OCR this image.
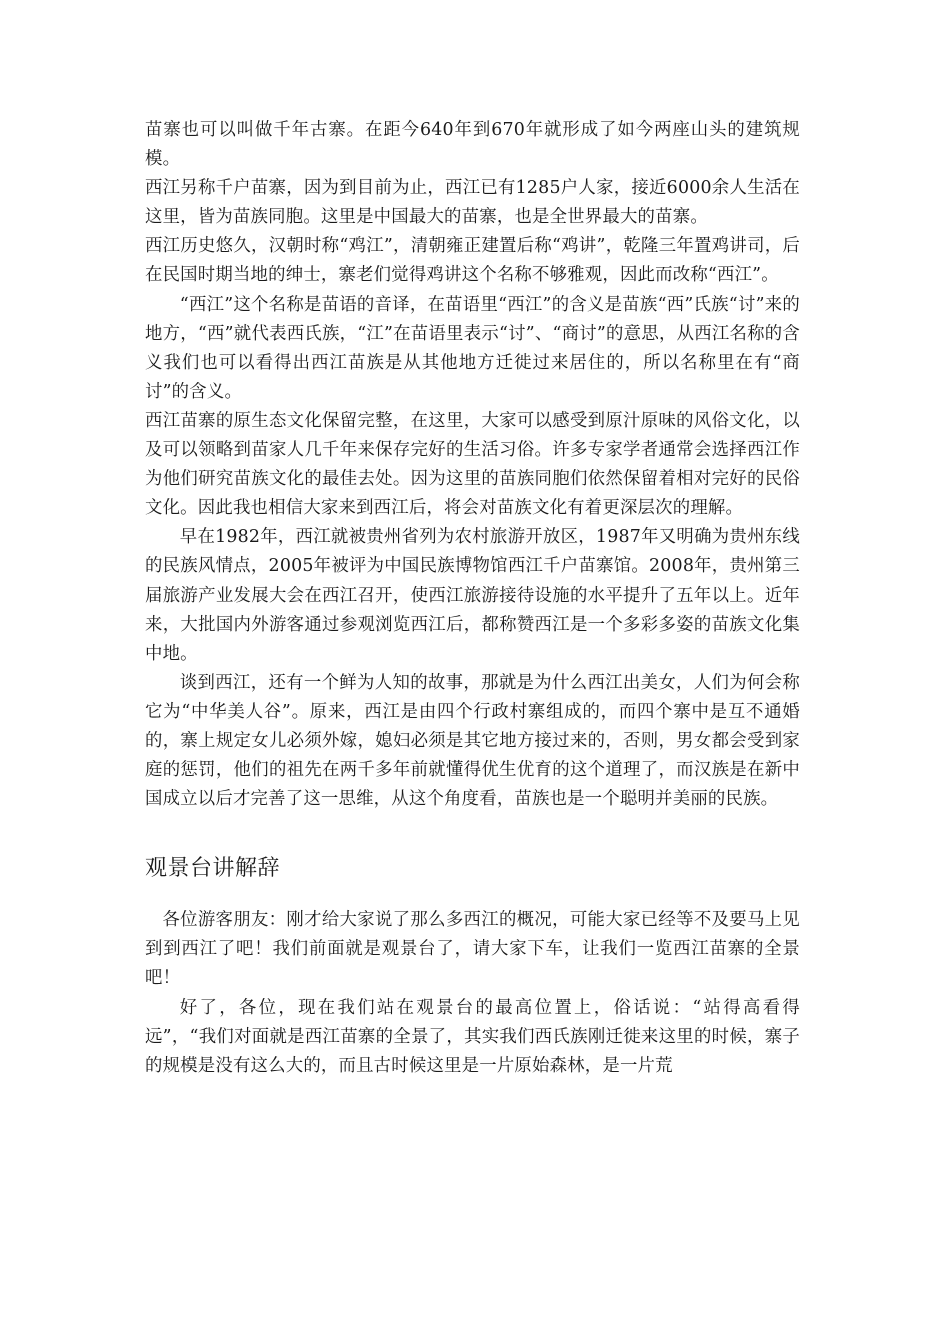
苗寨也可以叫做千年古寨。在距今640年到670年就形成了如今两座山头的建筑规模。

西江另称千户苗寨，因为到目前为止，西江已有1285户人家，接近6000余人生活在这里，皆为苗族同胞。这里是中国最大的苗寨，也是全世界最大的苗寨。

西江历史悠久，汉朝时称“鸡江”，清朝雍正建置后称“鸡讲”，乾隆三年置鸡讲司，后在民国时期当地的绅士，寨老们觉得鸡讲这个名称不够雅观，因此而改称“西江”。

“西江”这个名称是苗语的音译，在苗语里“西江”的含义是苗族“西”氏族“讨”来的地方，“西”就代表西氏族，“江”在苗语里表示“讨”、“商讨”的意思，从西江名称的含义我们也可以看得出西江苗族是从其他地方迁徙过来居住的，所以名称里在有“商讨”的含义。

西江苗寨的原生态文化保留完整，在这里，大家可以感受到原汁原味的风俗文化，以及可以领略到苗家人几千年来保存完好的生活习俗。许多专家学者通常会选择西江作为他们研究苗族文化的最佳去处。因为这里的苗族同胞们依然保留着相对完好的民俗文化。因此我也相信大家来到西江后，将会对苗族文化有着更深层次的理解。

早在1982年，西江就被贵州省列为农村旅游开放区，1987年又明确为贵州东线的民族风情点，2005年被评为中国民族博物馆西江千户苗寨馆。2008年，贵州第三届旅游产业发展大会在西江召开，使西江旅游接待设施的水平提升了五年以上。近年来，大批国内外游客通过参观浏览西江后，都称赞西江是一个多彩多姿的苗族文化集中地。

谈到西江，还有一个鲜为人知的故事，那就是为什么西江出美女，人们为何会称它为“中华美人谷”。原来，西江是由四个行政村寨组成的，而四个寨中是互不通婚的，寨上规定女儿必须外嫁，媳妇必须是其它地方接过来的，否则，男女都会受到家庭的惩罚，他们的祖先在两千多年前就懂得优生优育的这个道理了，而汉族是在新中国成立以后才完善了这一思维，从这个角度看，苗族也是一个聪明并美丽的民族。

观景台讲解辞

各位游客朋友：刚才给大家说了那么多西江的概况，可能大家已经等不及要马上见到到西江了吧！我们前面就是观景台了，请大家下车，让我们一览西江苗寨的全景吧！

好了，各位，现在我们站在观景台的最高位置上，俗话说：“站得高看得远”，“我们对面就是西江苗寨的全景了，其实我们西氏族刚迁徙来这里的时候，寨子的规模是没有这么大的，而且古时候这里是一片原始森林，是一片荒
